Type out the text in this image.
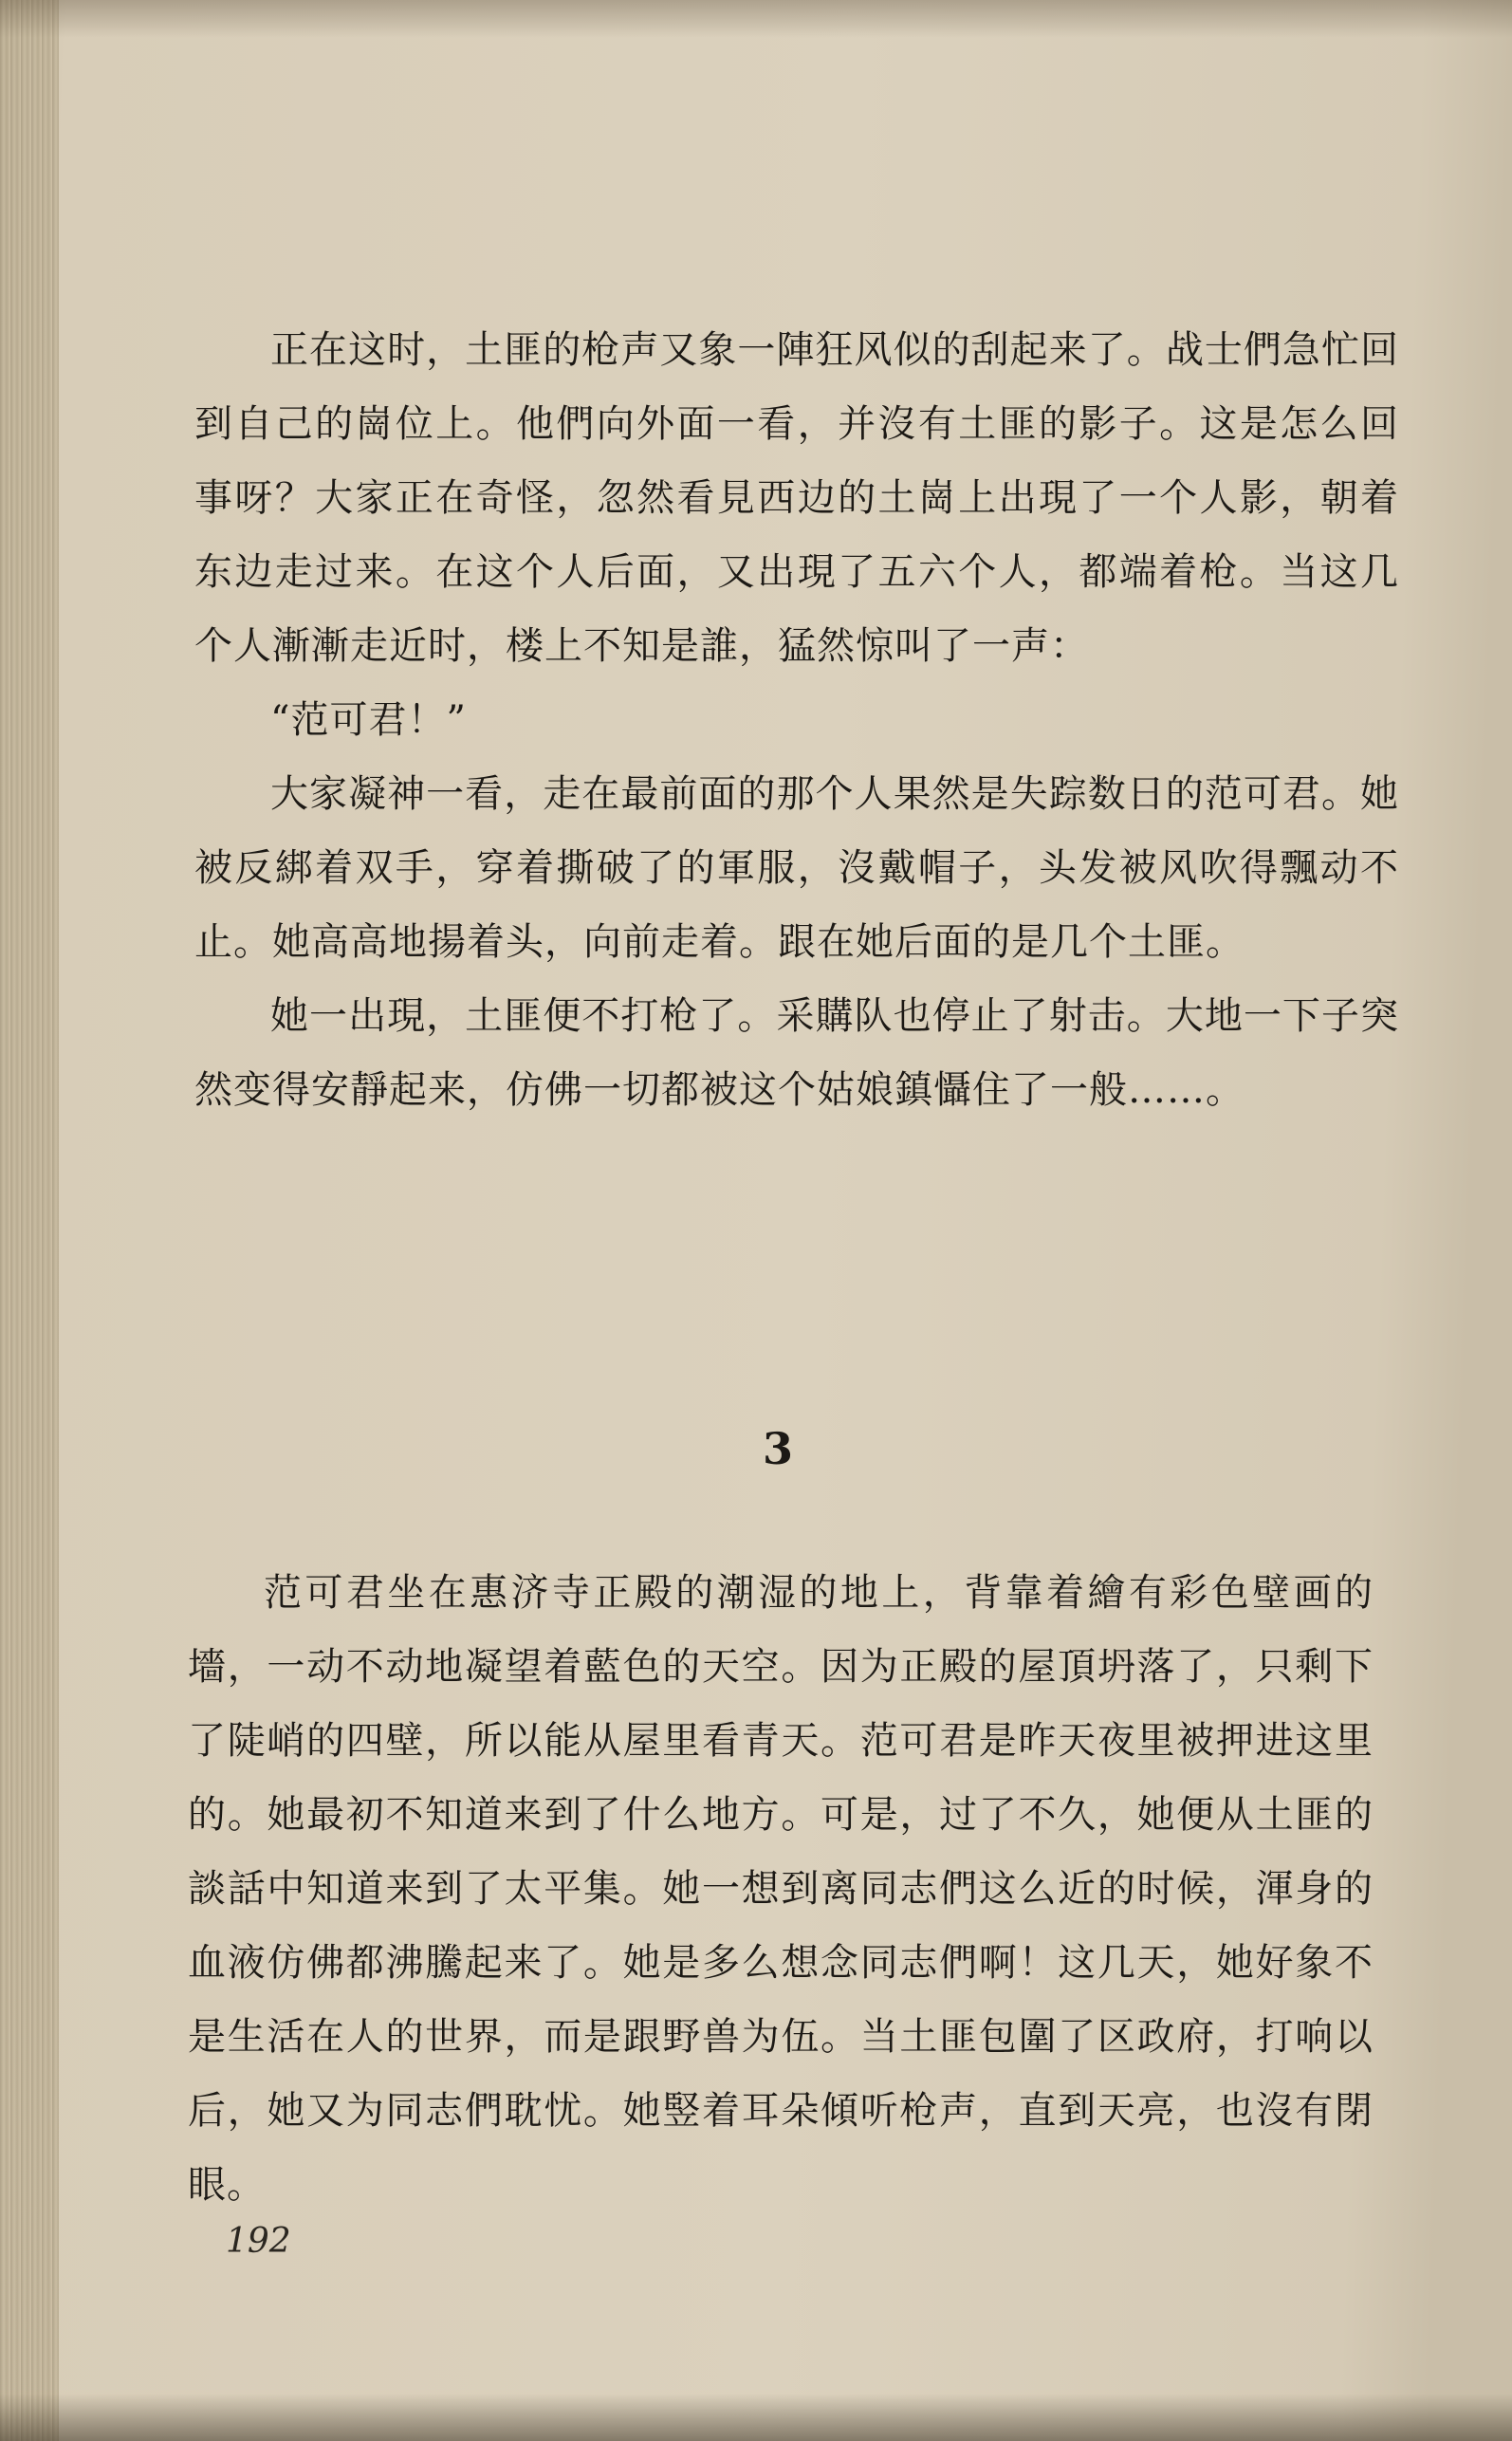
正在这时，土匪的枪声又象一陣狂风似的刮起来了。战士們急忙回到自己的崗位上。他們向外面一看，并沒有土匪的影子。这是怎么回事呀？大家正在奇怪，忽然看見西边的土崗上出現了一个人影，朝着东边走过来。在这个人后面，又出現了五六个人，都端着枪。当这几个人漸漸走近时，楼上不知是誰，猛然惊叫了一声：

“范可君！”

大家凝神一看，走在最前面的那个人果然是失踪数日的范可君。她被反綁着双手，穿着撕破了的軍服，沒戴帽子，头发被风吹得飄动不止。她高高地揚着头，向前走着。跟在她后面的是几个土匪。

她一出現，土匪便不打枪了。采購队也停止了射击。大地一下子突然变得安靜起来，仿佛一切都被这个姑娘鎮懾住了一般……。

3

范可君坐在惠济寺正殿的潮湿的地上，背靠着繪有彩色壁画的墻，一动不动地凝望着藍色的天空。因为正殿的屋頂坍落了，只剩下了陡峭的四壁，所以能从屋里看青天。范可君是昨天夜里被押进这里的。她最初不知道来到了什么地方。可是，过了不久，她便从土匪的談話中知道来到了太平集。她一想到离同志們这么近的时候，渾身的血液仿佛都沸騰起来了。她是多么想念同志們啊！这几天，她好象不是生活在人的世界，而是跟野兽为伍。当土匪包圍了区政府，打响以后，她又为同志們耽忧。她竪着耳朵傾听枪声，直到天亮，也沒有閉眼。

192
